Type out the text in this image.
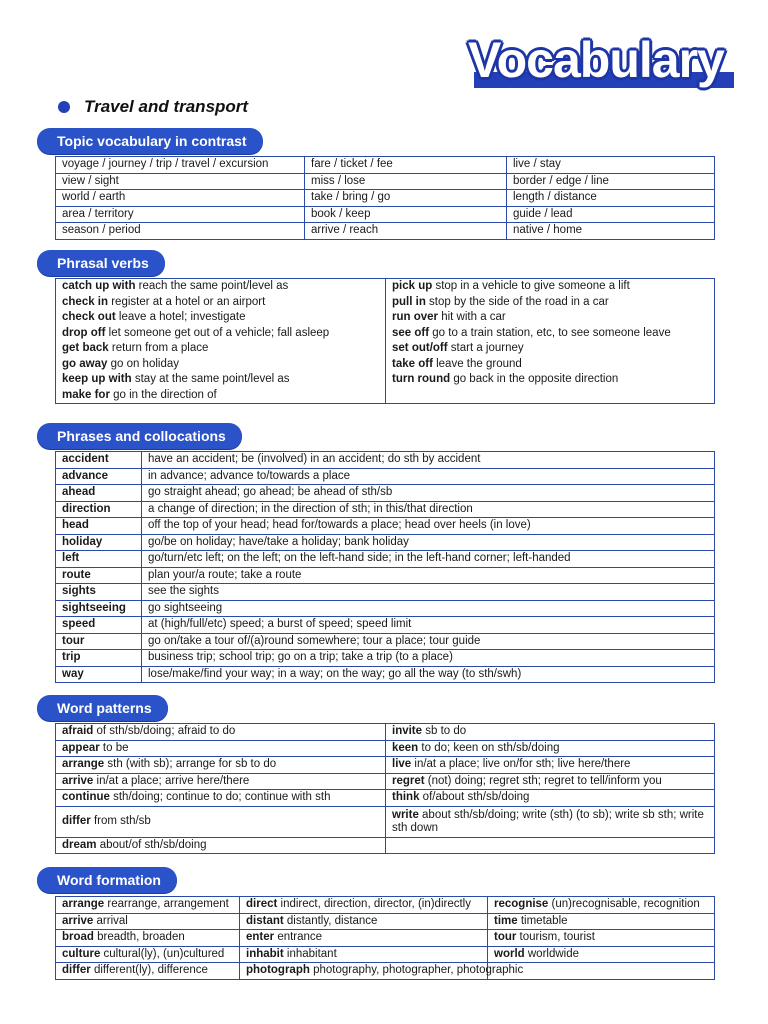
Vocabulary
Travel and transport
Topic vocabulary in contrast
voyage / journey / trip / travel / excursion	fare / ticket / fee	live / stay
view / sight	miss / lose	border / edge / line
world / earth	take / bring / go	length / distance
area / territory	book / keep	guide / lead
season / period	arrive / reach	native / home
Phrasal verbs
catch up with reach the same point/level as	pick up stop in a vehicle to give someone a lift
check in register at a hotel or an airport	pull in stop by the side of the road in a car
check out leave a hotel; investigate	run over hit with a car
drop off let someone get out of a vehicle; fall asleep	see off go to a train station, etc, to see someone leave
get back return from a place	set out/off start a journey
go away go on holiday	take off leave the ground
keep up with stay at the same point/level as	turn round go back in the opposite direction
make for go in the direction of	
Phrases and collocations
accident	have an accident; be (involved) in an accident; do sth by accident
advance	in advance; advance to/towards a place
ahead	go straight ahead; go ahead; be ahead of sth/sb
direction	a change of direction; in the direction of sth; in this/that direction
head	off the top of your head; head for/towards a place; head over heels (in love)
holiday	go/be on holiday; have/take a holiday; bank holiday
left	go/turn/etc left; on the left; on the left-hand side; in the left-hand corner; left-handed
route	plan your/a route; take a route
sights	see the sights
sightseeing	go sightseeing
speed	at (high/full/etc) speed; a burst of speed; speed limit
tour	go on/take a tour of/(a)round somewhere; tour a place; tour guide
trip	business trip; school trip; go on a trip; take a trip (to a place)
way	lose/make/find your way; in a way; on the way; go all the way (to sth/swh)
Word patterns
afraid of sth/sb/doing; afraid to do	invite sb to do
appear to be	keen to do; keen on sth/sb/doing
arrange sth (with sb); arrange for sb to do	live in/at a place; live on/for sth; live here/there
arrive in/at a place; arrive here/there	regret (not) doing; regret sth; regret to tell/inform you
continue sth/doing; continue to do; continue with sth	think of/about sth/sb/doing
differ from sth/sb	write about sth/sb/doing; write (sth) (to sb); write sb sth; write sth down
dream about/of sth/sb/doing	
Word formation
arrange rearrange, arrangement	direct indirect, direction, director, (in)directly	recognise (un)recognisable, recognition
arrive arrival	distant distantly, distance	time timetable
broad breadth, broaden	enter entrance	tour tourism, tourist
culture cultural(ly), (un)cultured	inhabit inhabitant	world worldwide
differ different(ly), difference	photograph photography, photographer, photographic	
